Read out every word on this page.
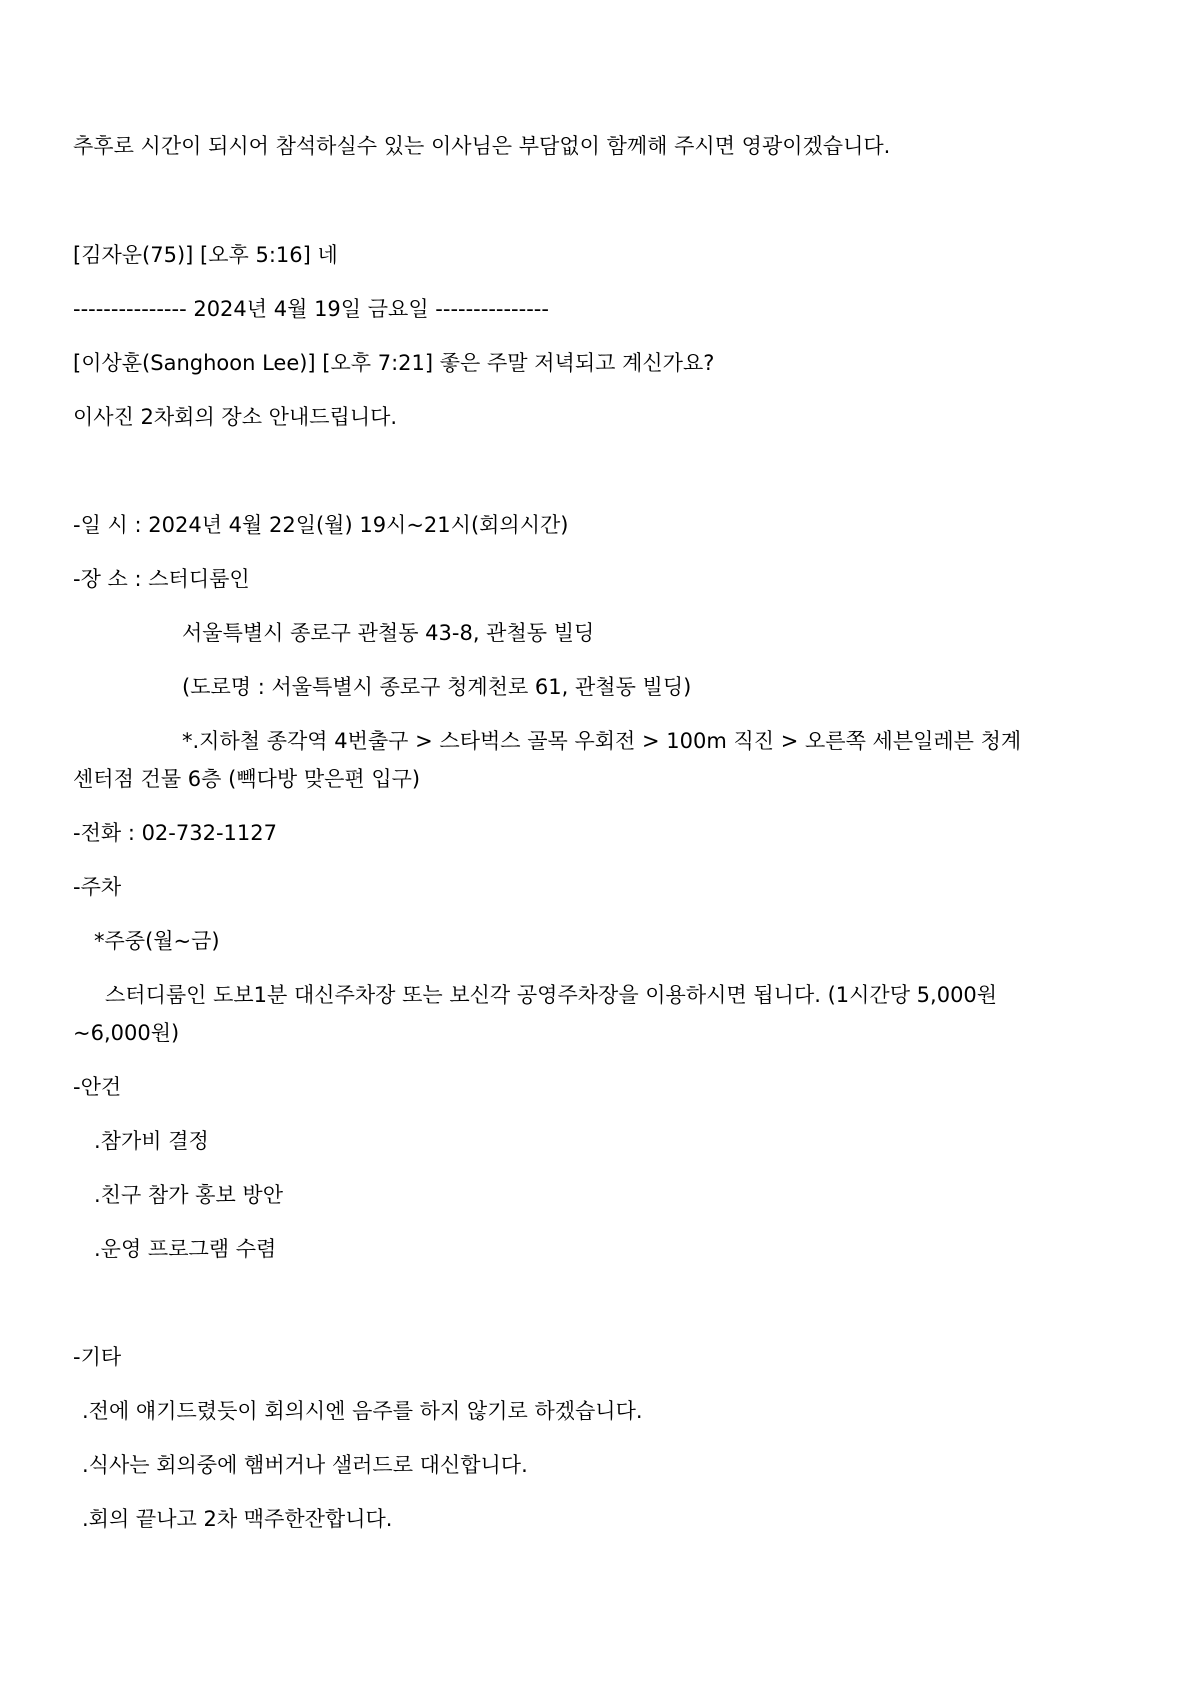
추후로 시간이 되시어 참석하실수 있는 이사님은 부담없이 함께해 주시면 영광이겠습니다.
[김자운(75)] [오후 5:16] 네
--------------- 2024년 4월 19일 금요일 ---------------
[이상훈(Sanghoon Lee)] [오후 7:21] 좋은 주말 저녁되고 계신가요?
이사진 2차회의 장소 안내드립니다.
-일 시 : 2024년 4월 22일(월) 19시~21시(회의시간)
-장 소 : 스터디룸인
서울특별시 종로구 관철동 43-8, 관철동 빌딩
(도로명 : 서울특별시 종로구 청계천로 61, 관철동 빌딩)
*.지하철 종각역 4번출구 > 스타벅스 골목 우회전 > 100m 직진 > 오른쪽 세븐일레븐 청계
센터점 건물 6층 (빽다방 맞은편 입구)
-전화 : 02-732-1127
-주차
*주중(월~금)
스터디룸인 도보1분 대신주차장 또는 보신각 공영주차장을 이용하시면 됩니다. (1시간당 5,000원
~6,000원)
-안건
.참가비 결정
.친구 참가 홍보 방안
.운영 프로그램 수렴
-기타
.전에 얘기드렸듯이 회의시엔 음주를 하지 않기로 하겠습니다.
.식사는 회의중에 햄버거나 샐러드로 대신합니다.
.회의 끝나고 2차 맥주한잔합니다.
